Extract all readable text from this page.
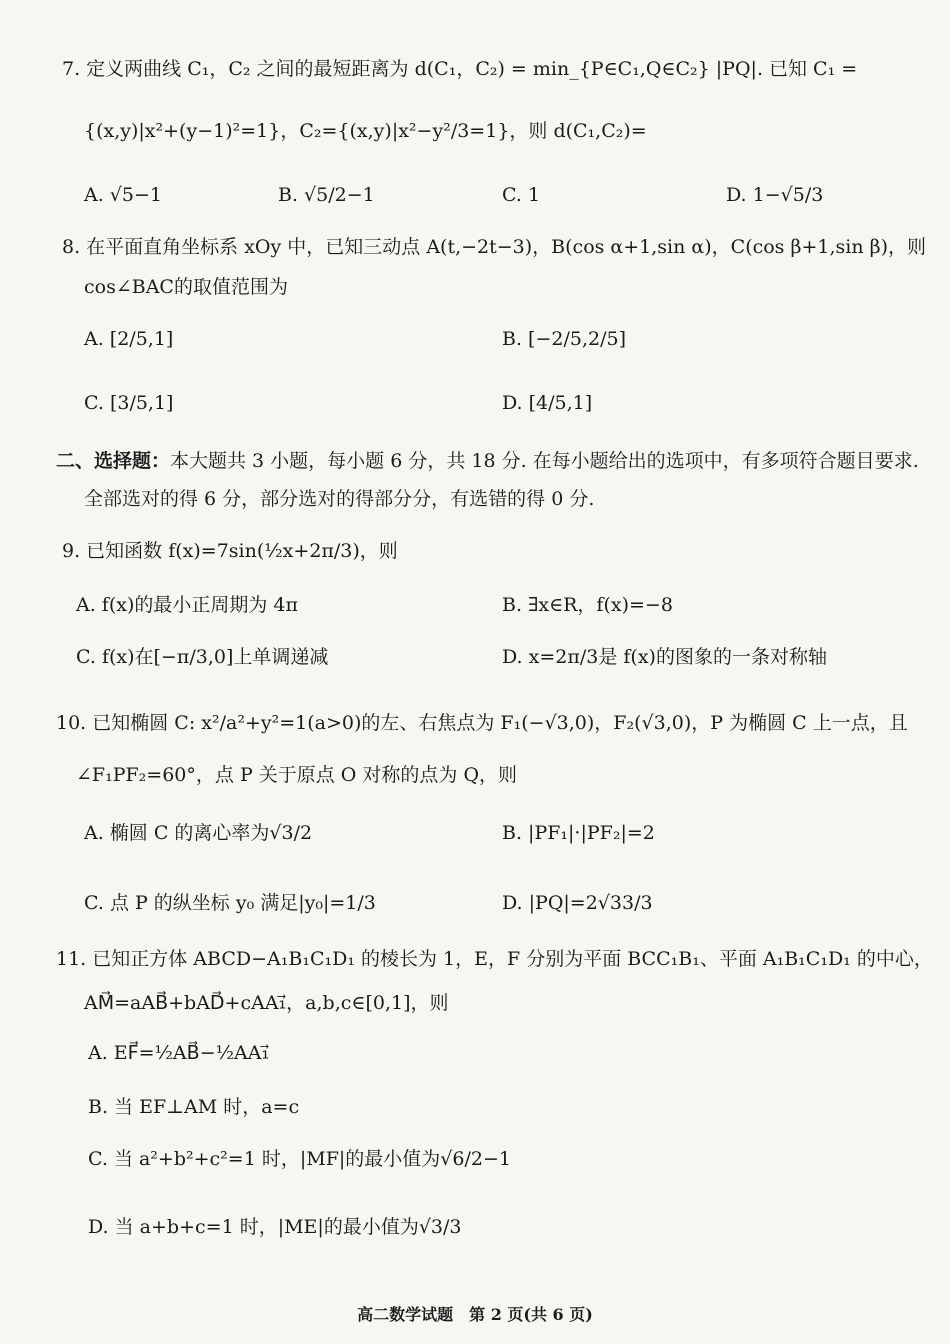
7. 定义两曲线 C₁，C₂ 之间的最短距离为 d(C₁，C₂) = min_{P∈C₁,Q∈C₂} |PQ|. 已知 C₁ =
{(x,y)|x²+(y−1)²=1}，C₂={(x,y)|x²−y²/3=1}，则 d(C₁,C₂)=
A. √5−1	B. √5/2−1	C. 1	D. 1−√5/3
8. 在平面直角坐标系 xOy 中，已知三动点 A(t,−2t−3)，B(cos α+1,sin α)，C(cos β+1,sin β)，则
cos∠BAC的取值范围为
A. [2/5,1]	B. [−2/5,2/5]
C. [3/5,1]	D. [4/5,1]
二、选择题：本大题共 3 小题，每小题 6 分，共 18 分. 在每小题给出的选项中，有多项符合题目要求.
全部选对的得 6 分，部分选对的得部分分，有选错的得 0 分.
9. 已知函数 f(x)=7sin(½x+2π/3)，则
A. f(x)的最小正周期为 4π	B. ∃x∈R，f(x)=−8
C. f(x)在[−π/3,0]上单调递减	D. x=2π/3是 f(x)的图象的一条对称轴
10. 已知椭圆 C: x²/a²+y²=1(a>0)的左、右焦点为 F₁(−√3,0)，F₂(√3,0)，P 为椭圆 C 上一点，且
∠F₁PF₂=60°，点 P 关于原点 O 对称的点为 Q，则
A. 椭圆 C 的离心率为√3/2	B. |PF₁|·|PF₂|=2
C. 点 P 的纵坐标 y₀ 满足|y₀|=1/3	D. |PQ|=2√33/3
11. 已知正方体 ABCD−A₁B₁C₁D₁ 的棱长为 1，E，F 分别为平面 BCC₁B₁、平面 A₁B₁C₁D₁ 的中心，
AM⃗=aAB⃗+bAD⃗+cAA₁⃗，a,b,c∈[0,1]，则
A. EF⃗=½AB⃗−½AA₁⃗
B. 当 EF⊥AM 时，a=c
C. 当 a²+b²+c²=1 时，|MF|的最小值为√6/2−1
D. 当 a+b+c=1 时，|ME|的最小值为√3/3
高二数学试题　第 2 页(共 6 页)
